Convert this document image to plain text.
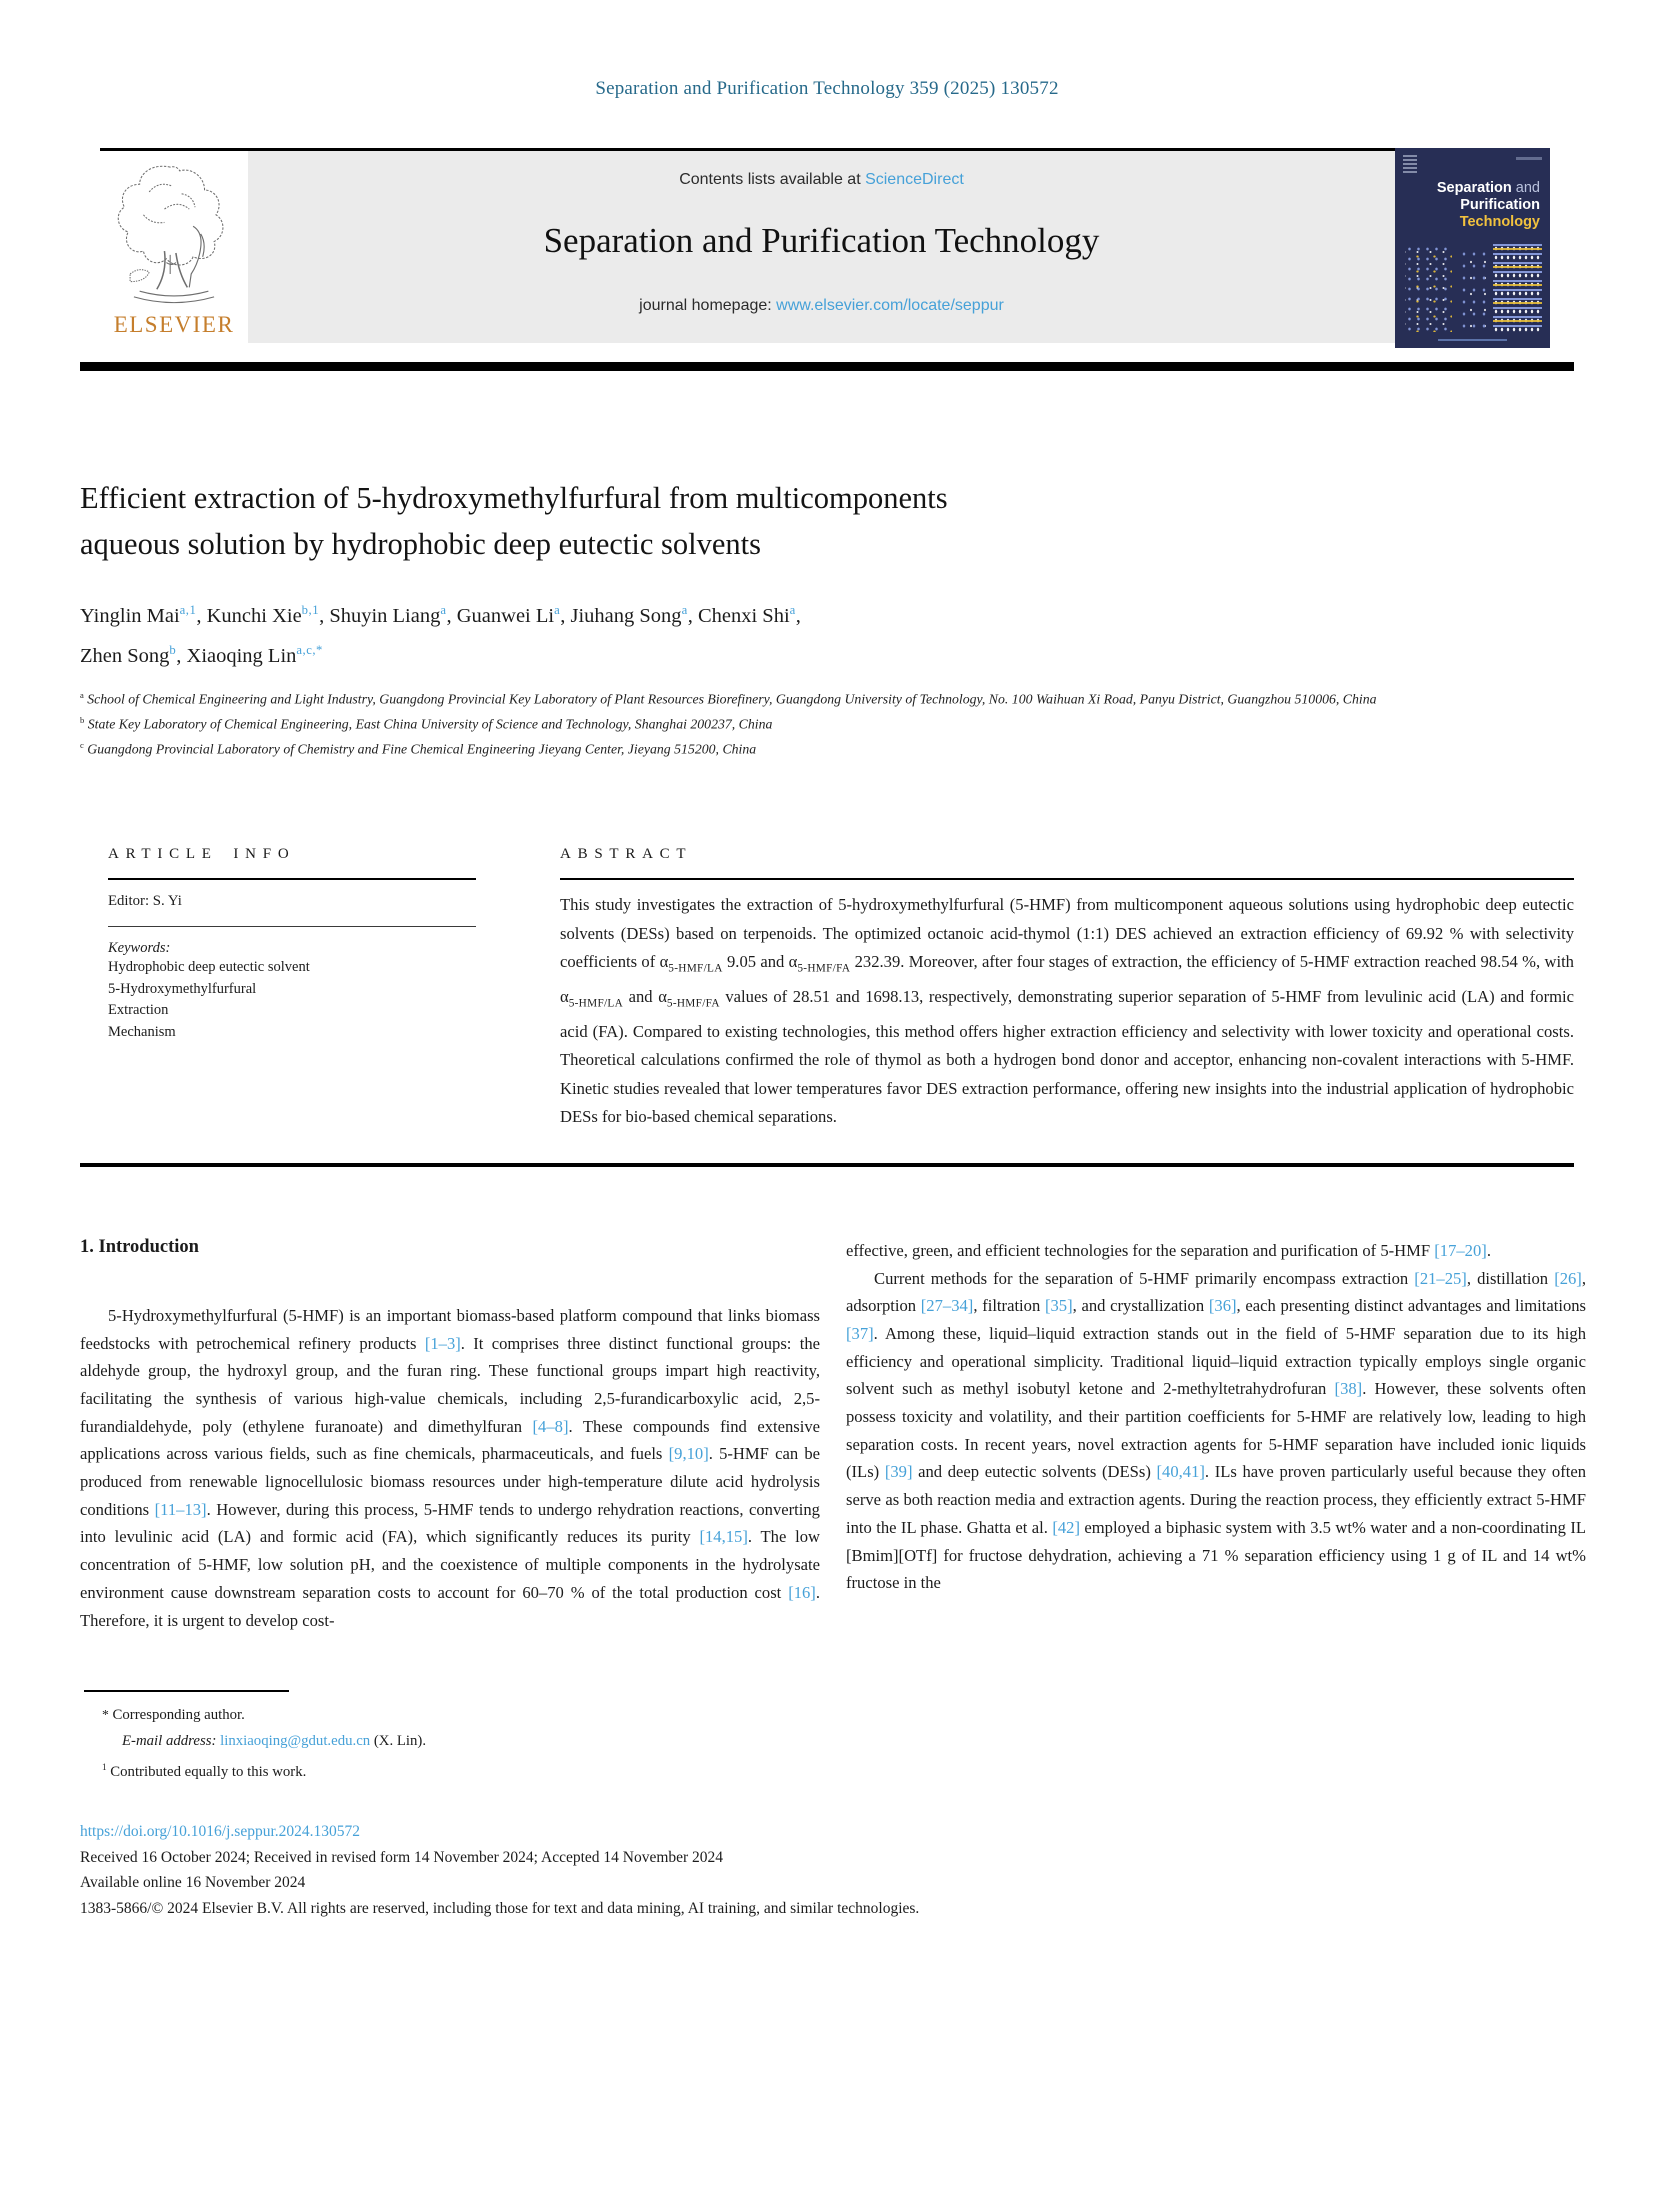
Separation and Purification Technology 359 (2025) 130572
ELSEVIER
Contents lists available at ScienceDirect
Separation and Purification Technology
journal homepage: www.elsevier.com/locate/seppur
Separation and
Purification
Technology
Efficient extraction of 5-hydroxymethylfurfural from multicomponents
aqueous solution by hydrophobic deep eutectic solvents
Yinglin Mai$^{a,1}$, Kunchi Xie$^{b,1}$, Shuyin Liang$^a$, Guanwei Li$^a$, Jiuhang Song$^a$, Chenxi Shi$^a$,
Zhen Song$^b$, Xiaoqing Lin$^{a,c,*}$
$^a$ School of Chemical Engineering and Light Industry, Guangdong Provincial Key Laboratory of Plant Resources Biorefinery, Guangdong University of Technology, No. 100 Waihuan Xi Road, Panyu District, Guangzhou 510006, China
$^b$ State Key Laboratory of Chemical Engineering, East China University of Science and Technology, Shanghai 200237, China
$^c$ Guangdong Provincial Laboratory of Chemistry and Fine Chemical Engineering Jieyang Center, Jieyang 515200, China
ARTICLE INFO
Editor: S. Yi
Keywords:
Hydrophobic deep eutectic solvent
5-Hydroxymethylfurfural
Extraction
Mechanism
ABSTRACT
This study investigates the extraction of 5-hydroxymethylfurfural (5-HMF) from multicomponent aqueous solutions using hydrophobic deep eutectic solvents (DESs) based on terpenoids. The optimized octanoic acid-thymol (1:1) DES achieved an extraction efficiency of 69.92 % with selectivity coefficients of $\alpha_{5-HMF/LA}$ 9.05 and $\alpha_{5-HMF/FA}$ 232.39. Moreover, after four stages of extraction, the efficiency of 5-HMF extraction reached 98.54 %, with $\alpha_{5-HMF/LA}$ and $\alpha_{5-HMF/FA}$ values of 28.51 and 1698.13, respectively, demonstrating superior separation of 5-HMF from levulinic acid (LA) and formic acid (FA). Compared to existing technologies, this method offers higher extraction efficiency and selectivity with lower toxicity and operational costs. Theoretical calculations confirmed the role of thymol as both a hydrogen bond donor and acceptor, enhancing non-covalent interactions with 5-HMF. Kinetic studies revealed that lower temperatures favor DES extraction performance, offering new insights into the industrial application of hydrophobic DESs for bio-based chemical separations.
1. Introduction

5-Hydroxymethylfurfural (5-HMF) is an important biomass-based platform compound that links biomass feedstocks with petrochemical refinery products [1–3]. It comprises three distinct functional groups: the aldehyde group, the hydroxyl group, and the furan ring. These functional groups impart high reactivity, facilitating the synthesis of various high-value chemicals, including 2,5-furandicarboxylic acid, 2,5-furandialdehyde, poly (ethylene furanoate) and dimethylfuran [4–8]. These compounds find extensive applications across various fields, such as fine chemicals, pharmaceuticals, and fuels [9,10]. 5-HMF can be produced from renewable lignocellulosic biomass resources under high-temperature dilute acid hydrolysis conditions [11–13]. However, during this process, 5-HMF tends to undergo rehydration reactions, converting into levulinic acid (LA) and formic acid (FA), which significantly reduces its purity [14,15]. The low concentration of 5-HMF, low solution pH, and the coexistence of multiple components in the hydrolysate environment cause downstream separation costs to account for 60–70 % of the total production cost [16]. Therefore, it is urgent to develop cost-

effective, green, and efficient technologies for the separation and purification of 5-HMF [17–20].

Current methods for the separation of 5-HMF primarily encompass extraction [21–25], distillation [26], adsorption [27–34], filtration [35], and crystallization [36], each presenting distinct advantages and limitations [37]. Among these, liquid–liquid extraction stands out in the field of 5-HMF separation due to its high efficiency and operational simplicity. Traditional liquid–liquid extraction typically employs single organic solvent such as methyl isobutyl ketone and 2-methyltetrahydrofuran [38]. However, these solvents often possess toxicity and volatility, and their partition coefficients for 5-HMF are relatively low, leading to high separation costs. In recent years, novel extraction agents for 5-HMF separation have included ionic liquids (ILs) [39] and deep eutectic solvents (DESs) [40,41]. ILs have proven particularly useful because they often serve as both reaction media and extraction agents. During the reaction process, they efficiently extract 5-HMF into the IL phase. Ghatta et al. [42] employed a biphasic system with 3.5 wt% water and a non-coordinating IL [Bmim][OTf] for fructose dehydration, achieving a 71 % separation efficiency using 1 g of IL and 14 wt% fructose in the

* Corresponding author.
E-mail address: linxiaoqing@gdut.edu.cn (X. Lin).
$^1$ Contributed equally to this work.
https://doi.org/10.1016/j.seppur.2024.130572
Received 16 October 2024; Received in revised form 14 November 2024; Accepted 14 November 2024
Available online 16 November 2024
1383-5866/© 2024 Elsevier B.V. All rights are reserved, including those for text and data mining, AI training, and similar technologies.
